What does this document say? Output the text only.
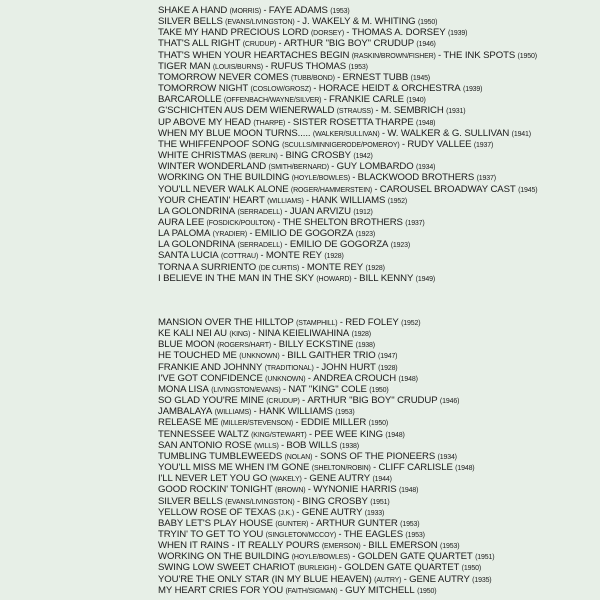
SHAKE A HAND (MORRIS) - FAYE ADAMS (1953)
SILVER BELLS (EVANS/LIVINGSTON) - J. WAKELY & M. WHITING (1950)
TAKE MY HAND PRECIOUS LORD (DORSEY) - THOMAS A. DORSEY (1939)
THAT'S ALL RIGHT (CRUDUP) - ARTHUR "BIG BOY" CRUDUP (1946)
THAT'S WHEN YOUR HEARTACHES BEGIN (RASKIN/BROWN/FISHER) - THE INK SPOTS (1950)
TIGER MAN (LOUIS/BURNS) - RUFUS THOMAS (1953)
TOMORROW NEVER COMES (TUBB/BOND) - ERNEST TUBB (1945)
TOMORROW NIGHT (COSLOW/GROSZ) - HORACE HEIDT & ORCHESTRA (1939)
BARCAROLLE (OFFENBACH/WAYNE/SILVER) - FRANKIE CARLE (1940)
G'SCHICHTEN AUS DEM WIENERWALD (STRAUSS) - M. SEMBRICH (1931)
UP ABOVE MY HEAD (THARPE) - SISTER ROSETTA THARPE (1948)
WHEN MY BLUE MOON TURNS..... (WALKER/SULLIVAN) - W. WALKER & G. SULLIVAN (1941)
THE WHIFFENPOOF SONG (SCULLS/MINNIGERODE/POMEROY) - RUDY VALLEE (1937)
WHITE CHRISTMAS (BERLIN) - BING CROSBY (1942)
WINTER WONDERLAND (SMITH/BERNARD) - GUY LOMBARDO (1934)
WORKING ON THE BUILDING (HOYLE/BOWLES) - BLACKWOOD BROTHERS (1937)
YOU'LL NEVER WALK ALONE (ROGER/HAMMERSTEIN) - CAROUSEL BROADWAY CAST (1945)
YOUR CHEATIN' HEART (WILLIAMS) - HANK WILLIAMS (1952)
LA GOLONDRINA (SERRADELL) - JUAN ARVIZU (1912)
AURA LEE (FOSDICK/POULTON) - THE SHELTON BROTHERS (1937)
LA PALOMA (YRADIER) - EMILIO DE GOGORZA (1923)
LA GOLONDRINA (SERRADELL) - EMILIO DE GOGORZA (1923)
SANTA LUCIA (COTTRAU) - MONTE REY (1928)
TORNA A SURRIENTO (DE CURTIS) - MONTE REY (1928)
I BELIEVE IN THE MAN IN THE SKY (HOWARD) - BILL KENNY (1949)
MANSION OVER THE HILLTOP (STAMPHILL) - RED FOLEY (1952)
KE KALI NEI AU (KING) - NINA KEIELIWAHINA (1928)
BLUE MOON (ROGERS/HART) - BILLY ECKSTINE (1938)
HE TOUCHED ME (UNKNOWN) - BILL GAITHER TRIO (1947)
FRANKIE AND JOHNNY (TRADITIONAL) - JOHN HURT (1928)
I'VE GOT CONFIDENCE (UNKNOWN) - ANDREA CROUCH (1948)
MONA LISA (LIVINGSTON/EVANS) - NAT "KING" COLE (1950)
SO GLAD YOU'RE MINE (CRUDUP) - ARTHUR "BIG BOY" CRUDUP (1946)
JAMBALAYA (WILLIAMS) - HANK WILLIAMS (1953)
RELEASE ME (MILLER/STEVENSON) - EDDIE MILLER (1950)
TENNESSEE WALTZ (KING/STEWART) - PEE WEE KING (1948)
SAN ANTONIO ROSE (WILLS) - BOB WILLS (1938)
TUMBLING TUMBLEWEEDS (NOLAN) - SONS OF THE PIONEERS (1934)
YOU'LL MISS ME WHEN I'M GONE (SHELTON/ROBIN) - CLIFF CARLISLE (1948)
I'LL NEVER LET YOU GO (WAKELY) - GENE AUTRY (1944)
GOOD ROCKIN' TONIGHT (BROWN) - WYNONIE HARRIS (1948)
SILVER BELLS (EVANS/LIVINGSTON) - BING CROSBY (1951)
YELLOW ROSE OF TEXAS (J.K.) - GENE AUTRY (1933)
BABY LET'S PLAY HOUSE (GUNTER) - ARTHUR GUNTER (1953)
TRYIN' TO GET TO YOU (SINGLETON/MCCOY) - THE EAGLES (1953)
WHEN IT RAINS - IT REALLY POURS (EMERSON) - BILL EMERSON (1953)
WORKING ON THE BUILDING (HOYLE/BOWLES) - GOLDEN GATE QUARTET (1951)
SWING LOW SWEET CHARIOT (BURLEIGH) - GOLDEN GATE QUARTET (1950)
YOU'RE THE ONLY STAR (IN MY BLUE HEAVEN) (AUTRY) - GENE AUTRY (1935)
MY HEART CRIES FOR YOU (FAITH/SIGMAN) - GUY MITCHELL (1950)
